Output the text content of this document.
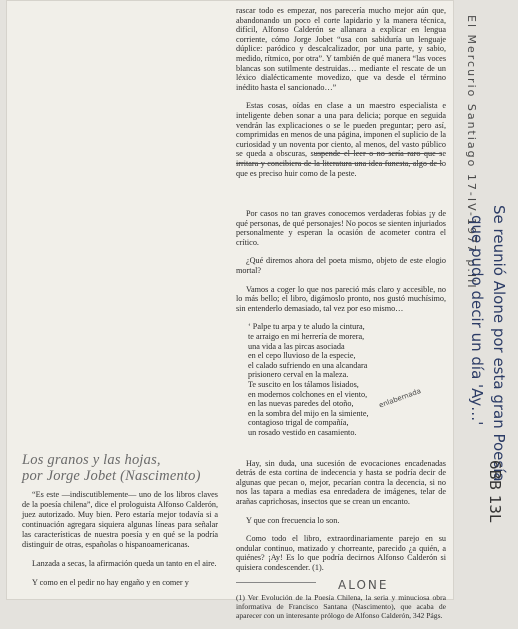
rascar todo es empezar, nos parecería mucho mejor aún que, abandonando un poco el corte lapidario y la manera técnica, difícil, Alfonso Calderón se allanara a explicar en lengua corriente, cómo Jorge Jobet “usa con sabiduría un lenguaje dúplice: paródico y descalcalizador, por una parte, y sabio, medido, rítmico, por otra”. Y también de qué manera “las voces blancas son sutilmente destruidas… mediante el rescate de un léxico dialécticamente movedizo, que va desde el término inédito hasta el sancionado…”

Estas cosas, oídas en clase a un maestro especialista e inteligente deben sonar a una para delicia; porque en seguida vendrán las explicaciones o se le pueden preguntar; pero así, comprimidas en menos de una página, imponen el suplicio de la curiosidad y un noventa por ciento, al menos, del vasto público se queda a obscuras, suspende el leer o no sería raro que se irritara y concibiera de la literatura una idea funesta, algo de lo que es preciso huir como de la peste.

Por casos no tan graves conocemos verdaderas fobias ¡y de qué personas, de qué personajes! No pocos se sienten injuriados personalmente y esperan la ocasión de acometer contra el crítico.

¿Qué diremos ahora del poeta mismo, objeto de este elogio mortal?

Vamos a coger lo que nos pareció más claro y accesible, no lo más bello; el libro, digámoslo pronto, nos gustó muchísimo, sin entenderlo demasiado, tal vez por eso mismo…

‘ Palpe tu arpa y te aludo la cintura,
te arraigo en mi herrería de morera,
una vida a las pircas asociada
en el cepo lluvioso de la especie,
el calado sufriendo en una alcandara
prisionero cerval en la maleza.
Te suscito en los tálamos lisiados,
en modernos colchones en el viento,
en las nuevas paredes del otoño,
en la sombra del mijo en la simiente,
contagioso trigal de compañía,
un rosado vestido en casamiento.

Hay, sin duda, una sucesión de evocaciones encadenadas detrás de esta cortina de indecencia y hasta se podría decir de algunas que pecan o, mejor, pecarían contra la decencia, si no nos las tapara a medias esa enredadera de imágenes, telar de arañas caprichosas, insectos que se crean un encanto.

Y que con frecuencia lo son.

Como todo el libro, extraordinariamente parejo en su ondular continuo, matizado y chorreante, parecido ¿a quién, a quiénes? ¡Ay! Es lo que podría decirnos Alfonso Calderón si quisiera condescender. (1).

(1) Ver Evolución de la Poesía Chilena, la seria y minuciosa obra informativa de Francisco Santana (Nascimento), que acaba de aparecer con un interesante prólogo de Alfonso Calderón, 342 Págs.

Los granos y las hojas,
por Jorge Jobet (Nascimento)

“Es este —indiscutiblemente— uno de los libros claves de la poesía chilena”, dice el prologuista Alfonso Calderón, juez autorizado. Muy bien. Pero estaría mejor todavía si a continuación agregara siquiera algunas líneas para señalar las características de nuestra poesía y en qué se la podría distinguir de otras, españolas o hispanoamericanas.

Lanzada a secas, la afirmación queda un tanto en el aire.

Y como en el pedir no hay engaño y en comer y

El Mercurio Santiago 17-IV-1977 p.III
Se reunió Alone por esta gran Poesía
que pudo decir un día 'Ay…'
6BB 13L
enlabernada
ALONE
